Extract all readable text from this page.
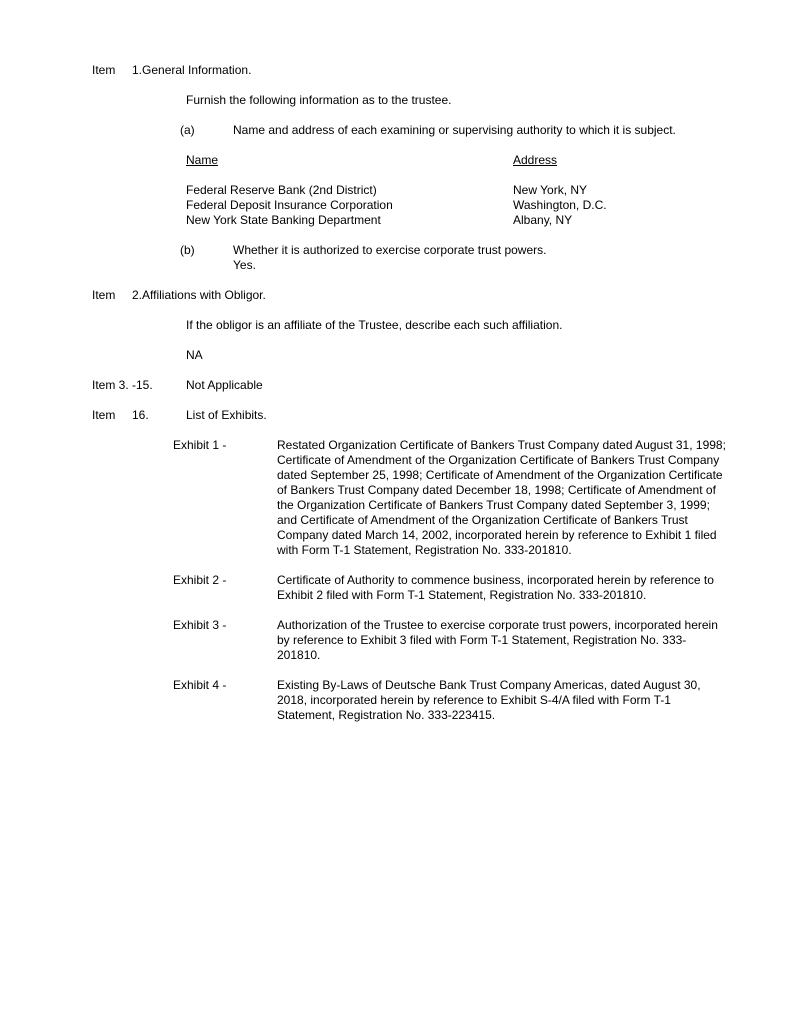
Item 1.General Information.
Furnish the following information as to the trustee.
(a)	Name and address of each examining or supervising authority to which it is subject.
Name	Address
Federal Reserve Bank (2nd District)	New York, NY
Federal Deposit Insurance Corporation	Washington, D.C.
New York State Banking Department	Albany, NY
(b)	Whether it is authorized to exercise corporate trust powers.
Yes.
Item 2.Affiliations with Obligor.
If the obligor is an affiliate of the Trustee, describe each such affiliation.
NA
Item 3. -15.	Not Applicable
Item 16.	List of Exhibits.
Exhibit 1 -	Restated Organization Certificate of Bankers Trust Company dated August 31, 1998;
Certificate of Amendment of the Organization Certificate of Bankers Trust Company
dated September 25, 1998; Certificate of Amendment of the Organization Certificate
of Bankers Trust Company dated December 18, 1998; Certificate of Amendment of
the Organization Certificate of Bankers Trust Company dated September 3, 1999;
and Certificate of Amendment of the Organization Certificate of Bankers Trust
Company dated March 14, 2002, incorporated herein by reference to Exhibit 1 filed
with Form T-1 Statement, Registration No. 333-201810.
Exhibit 2 -	Certificate of Authority to commence business, incorporated herein by reference to
Exhibit 2 filed with Form T-1 Statement, Registration No. 333-201810.
Exhibit 3 -	Authorization of the Trustee to exercise corporate trust powers, incorporated herein
by reference to Exhibit 3 filed with Form T-1 Statement, Registration No. 333-
201810.
Exhibit 4 -	Existing By-Laws of Deutsche Bank Trust Company Americas, dated August 30,
2018, incorporated herein by reference to Exhibit S-4/A filed with Form T-1
Statement, Registration No. 333-223415.
